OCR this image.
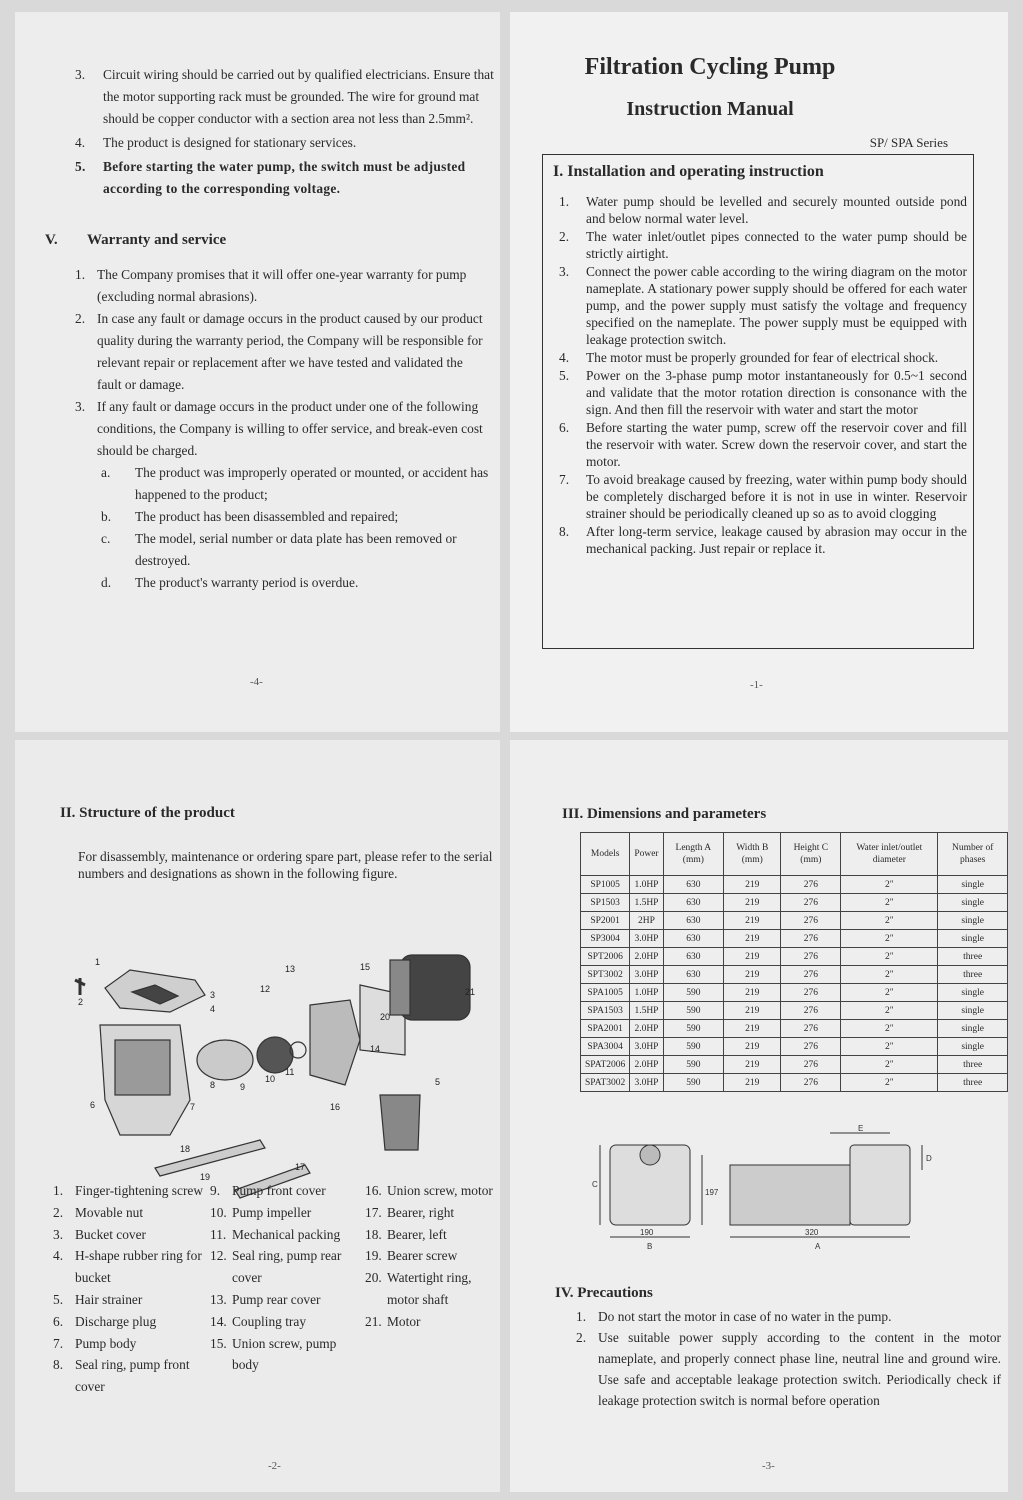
3. Circuit wiring should be carried out by qualified electricians. Ensure that the motor supporting rack must be grounded. The wire for ground mat should be copper conductor with a section area not less than 2.5mm².
4. The product is designed for stationary services.
5. Before starting the water pump, the switch must be adjusted according to the corresponding voltage.
V. Warranty and service
1. The Company promises that it will offer one-year warranty for pump (excluding normal abrasions).
2. In case any fault or damage occurs in the product caused by our product quality during the warranty period, the Company will be responsible for relevant repair or replacement after we have tested and validated the fault or damage.
3. If any fault or damage occurs in the product under one of the following conditions, the Company is willing to offer service, and break-even cost should be charged.
a. The product was improperly operated or mounted, or accident has happened to the product;
b. The product has been disassembled and repaired;
c. The model, serial number or data plate has been removed or destroyed.
d. The product's warranty period is overdue.
-4-
Filtration Cycling Pump
Instruction Manual
SP/ SPA Series
I. Installation and operating instruction
1. Water pump should be levelled and securely mounted outside pond and below normal water level.
2. The water inlet/outlet pipes connected to the water pump should be strictly airtight.
3. Connect the power cable according to the wiring diagram on the motor nameplate. A stationary power supply should be offered for each water pump, and the power supply must satisfy the voltage and frequency specified on the nameplate. The power supply must be equipped with leakage protection switch.
4. The motor must be properly grounded for fear of electrical shock.
5. Power on the 3-phase pump motor instantaneously for 0.5~1 second and validate that the motor rotation direction is consonance with the sign. And then fill the reservoir with water and start the motor
6. Before starting the water pump, screw off the reservoir cover and fill the reservoir with water. Screw down the reservoir cover, and start the motor.
7. To avoid breakage caused by freezing, water within pump body should be completely discharged before it is not in use in winter. Reservoir strainer should be periodically cleaned up so as to avoid clogging
8. After long-term service, leakage caused by abrasion may occur in the mechanical packing. Just repair or replace it.
-1-
II. Structure of the product
For disassembly, maintenance or ordering spare part, please refer to the serial numbers and designations as shown in the following figure.
1
2
3
4
5
6	7
8	9
10
11
12
13
14
15
16
17
18
19
20
21
1. Finger-tightening screw
2. Movable nut
3. Bucket cover
4. H-shape rubber ring for bucket
5. Hair strainer
6. Discharge plug
7. Pump body
8. Seal ring, pump front cover
9. Pump front cover
10. Pump impeller
11. Mechanical packing
12. Seal ring, pump rear cover
13. Pump rear cover
14. Coupling tray
15. Union screw, pump body
16. Union screw, motor
17. Bearer, right
18. Bearer, left
19. Bearer screw
20. Watertight ring, motor shaft
21. Motor
-2-
III. Dimensions and parameters
Models	Power	Length A (mm)	Width B (mm)	Height C (mm)	Water inlet/outlet diameter	Number of phases
SP1005	1.0HP	630	219	276	2"	single
SP1503	1.5HP	630	219	276	2"	single
SP2001	2HP	630	219	276	2"	single
SP3004	3.0HP	630	219	276	2"	single
SPT2006	2.0HP	630	219	276	2"	three
SPT3002	3.0HP	630	219	276	2"	three
SPA1005	1.0HP	590	219	276	2"	single
SPA1503	1.5HP	590	219	276	2"	single
SPA2001	2.0HP	590	219	276	2"	single
SPA3004	3.0HP	590	219	276	2"	single
SPAT2006	2.0HP	590	219	276	2"	three
SPAT3002	3.0HP	590	219	276	2"	three
C
190
B
197
320
A
E
D
IV. Precautions
1. Do not start the motor in case of no water in the pump.
2. Use suitable power supply according to the content in the motor nameplate, and properly connect phase line, neutral line and ground wire. Use safe and acceptable leakage protection switch. Periodically check if leakage protection switch is normal before operation
-3-
